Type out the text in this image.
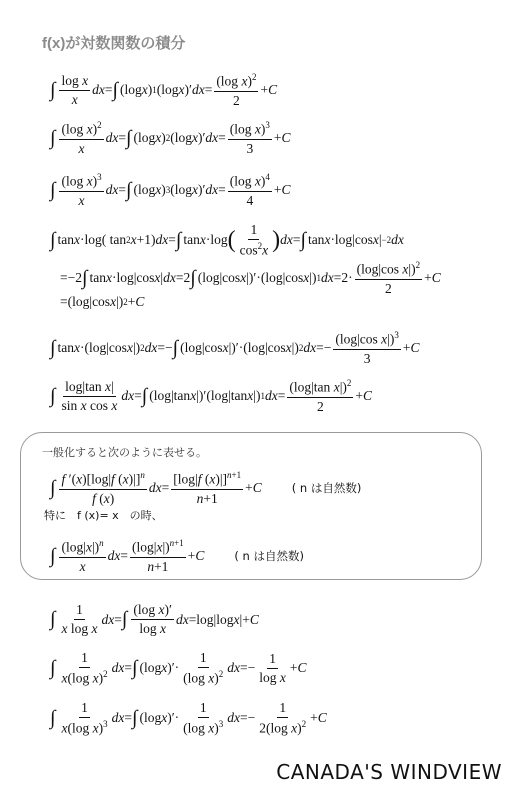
f(x)が対数関数の積分
∫ $\frac{\text{log x}}{x}$ dx = ∫ (log x ) 1 (log x )′ dx = $\frac{(\log x)^2}{2} + C$
∫ $\frac{(\log x)^2}{x}$ dx = ∫ (log x ) 2 (log x )′ dx = $\frac{(\log x)^3}{3} + C$
∫ $\frac{(\log x)^3}{x}$ dx = ∫ (log x ) 3 (log x )′ dx = $\frac{(\log x)^4}{4} + C$
∫ tan x ·log( tan 2 x +1) dx = ∫ tan x ·log ( $\frac{1}{\cos^2x}$ ) dx = ∫ tan x ·log|cos x | −2 dx
=−2 ∫ tan x ·log|cos x | dx =2 ∫ (log|cos x |)′·(log|cos x |) 1 dx $=2\cdot \frac{(\log|\cos x|)^2}{2} + C$
=(log|cos x |) 2 + C
∫ tan x ·(log|cos x |) 2 dx =− ∫ (log|cos x |)′·(log|cos x |) 2 dx =− $\frac{(\log|\cos x|)^3}{3} + C$
∫ $\frac{\text{log|tan x|}}{\text{sin x cos x}}$ dx = ∫ (log|tan x |)′(log|tan x |) 1 dx = $\frac{(\log|\tan x|)^2}{2} + C$
一般化すると次のように表せる。
∫ $\frac{f '(x)[\log|f (x)|]^n}{f (x)}$ dx = $\frac{[\log|f (x)|]^{n+1}}{n+1} + C$	( n は自然数)
特に　f (x)= x　の時、
∫ $\frac{(\log|x|)^n}{x}$ dx = $\frac{(\log|x|)^{n+1}}{n+1} + C$	( n は自然数)
∫ $\frac{1}{\text{x log x}}$ dx = ∫ $\frac{\text{(log x)′}}{\text{log x}}$ dx =log|log x |+ C
∫ $\frac{1}{x(\log x)^2}$ dx = ∫ (log x )′· $\frac{1}{(\log x)^2}$ dx =− $\frac{1}{\text{log x}} + C$
∫ $\frac{1}{x(\log x)^3}$ dx = ∫ (log x )′· $\frac{1}{(\log x)^3}$ dx =− $\frac{1}{2(\log x)^2} + C$
CANADA'S WINDVIEW
